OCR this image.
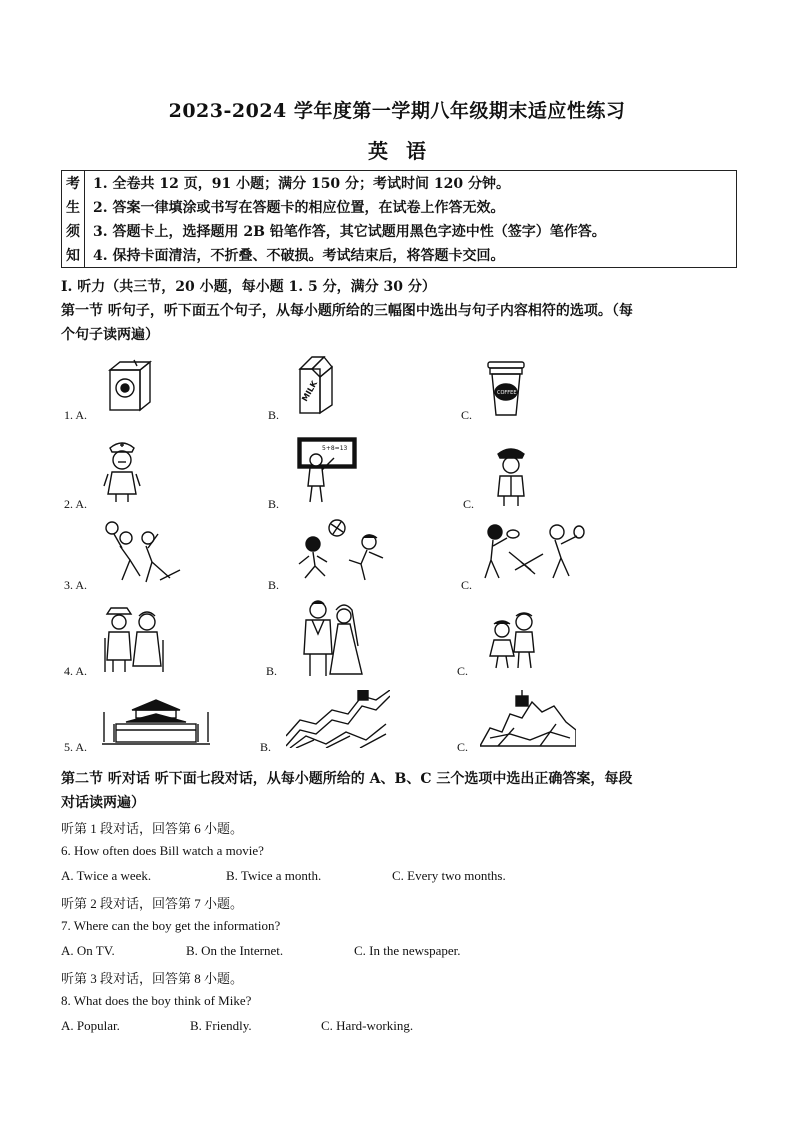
2023-2024 学年度第一学期八年级期末适应性练习
英 语
考	1. 全卷共 12 页，91 小题；满分 150 分；考试时间 120 分钟。
生	2. 答案一律填涂或书写在答题卡的相应位置，在试卷上作答无效。
须	3. 答题卡上，选择题用 2B 铅笔作答，其它试题用黑色字迹中性（签字）笔作答。
知	4. 保持卡面清洁，不折叠、不破损。考试结束后，将答题卡交回。
I. 听力（共三节，20 小题，每小题 1. 5 分，满分 30 分）
第一节 听句子，听下面五个句子，从每小题所给的三幅图中选出与句子内容相符的选项。（每
个句子读两遍）
1. A.	B.	C.
MILK	COFFEE
2. A.	B.	C.
5+8=13
3. A.	B.	C.
4. A.	B.	C.
5. A.	B.	C.
第二节 听对话 听下面七段对话，从每小题所给的 A、B、C 三个选项中选出正确答案，每段
对话读两遍）
听第 1 段对话，回答第 6 小题。
6. How often does Bill watch a movie?
A. Twice a week.	B. Twice a month.	C. Every two months.
听第 2 段对话，回答第 7 小题。
7. Where can the boy get the information?
A. On TV.	B. On the Internet.	C. In the newspaper.
听第 3 段对话，回答第 8 小题。
8. What does the boy think of Mike?
A. Popular.	B. Friendly.	C. Hard-working.
